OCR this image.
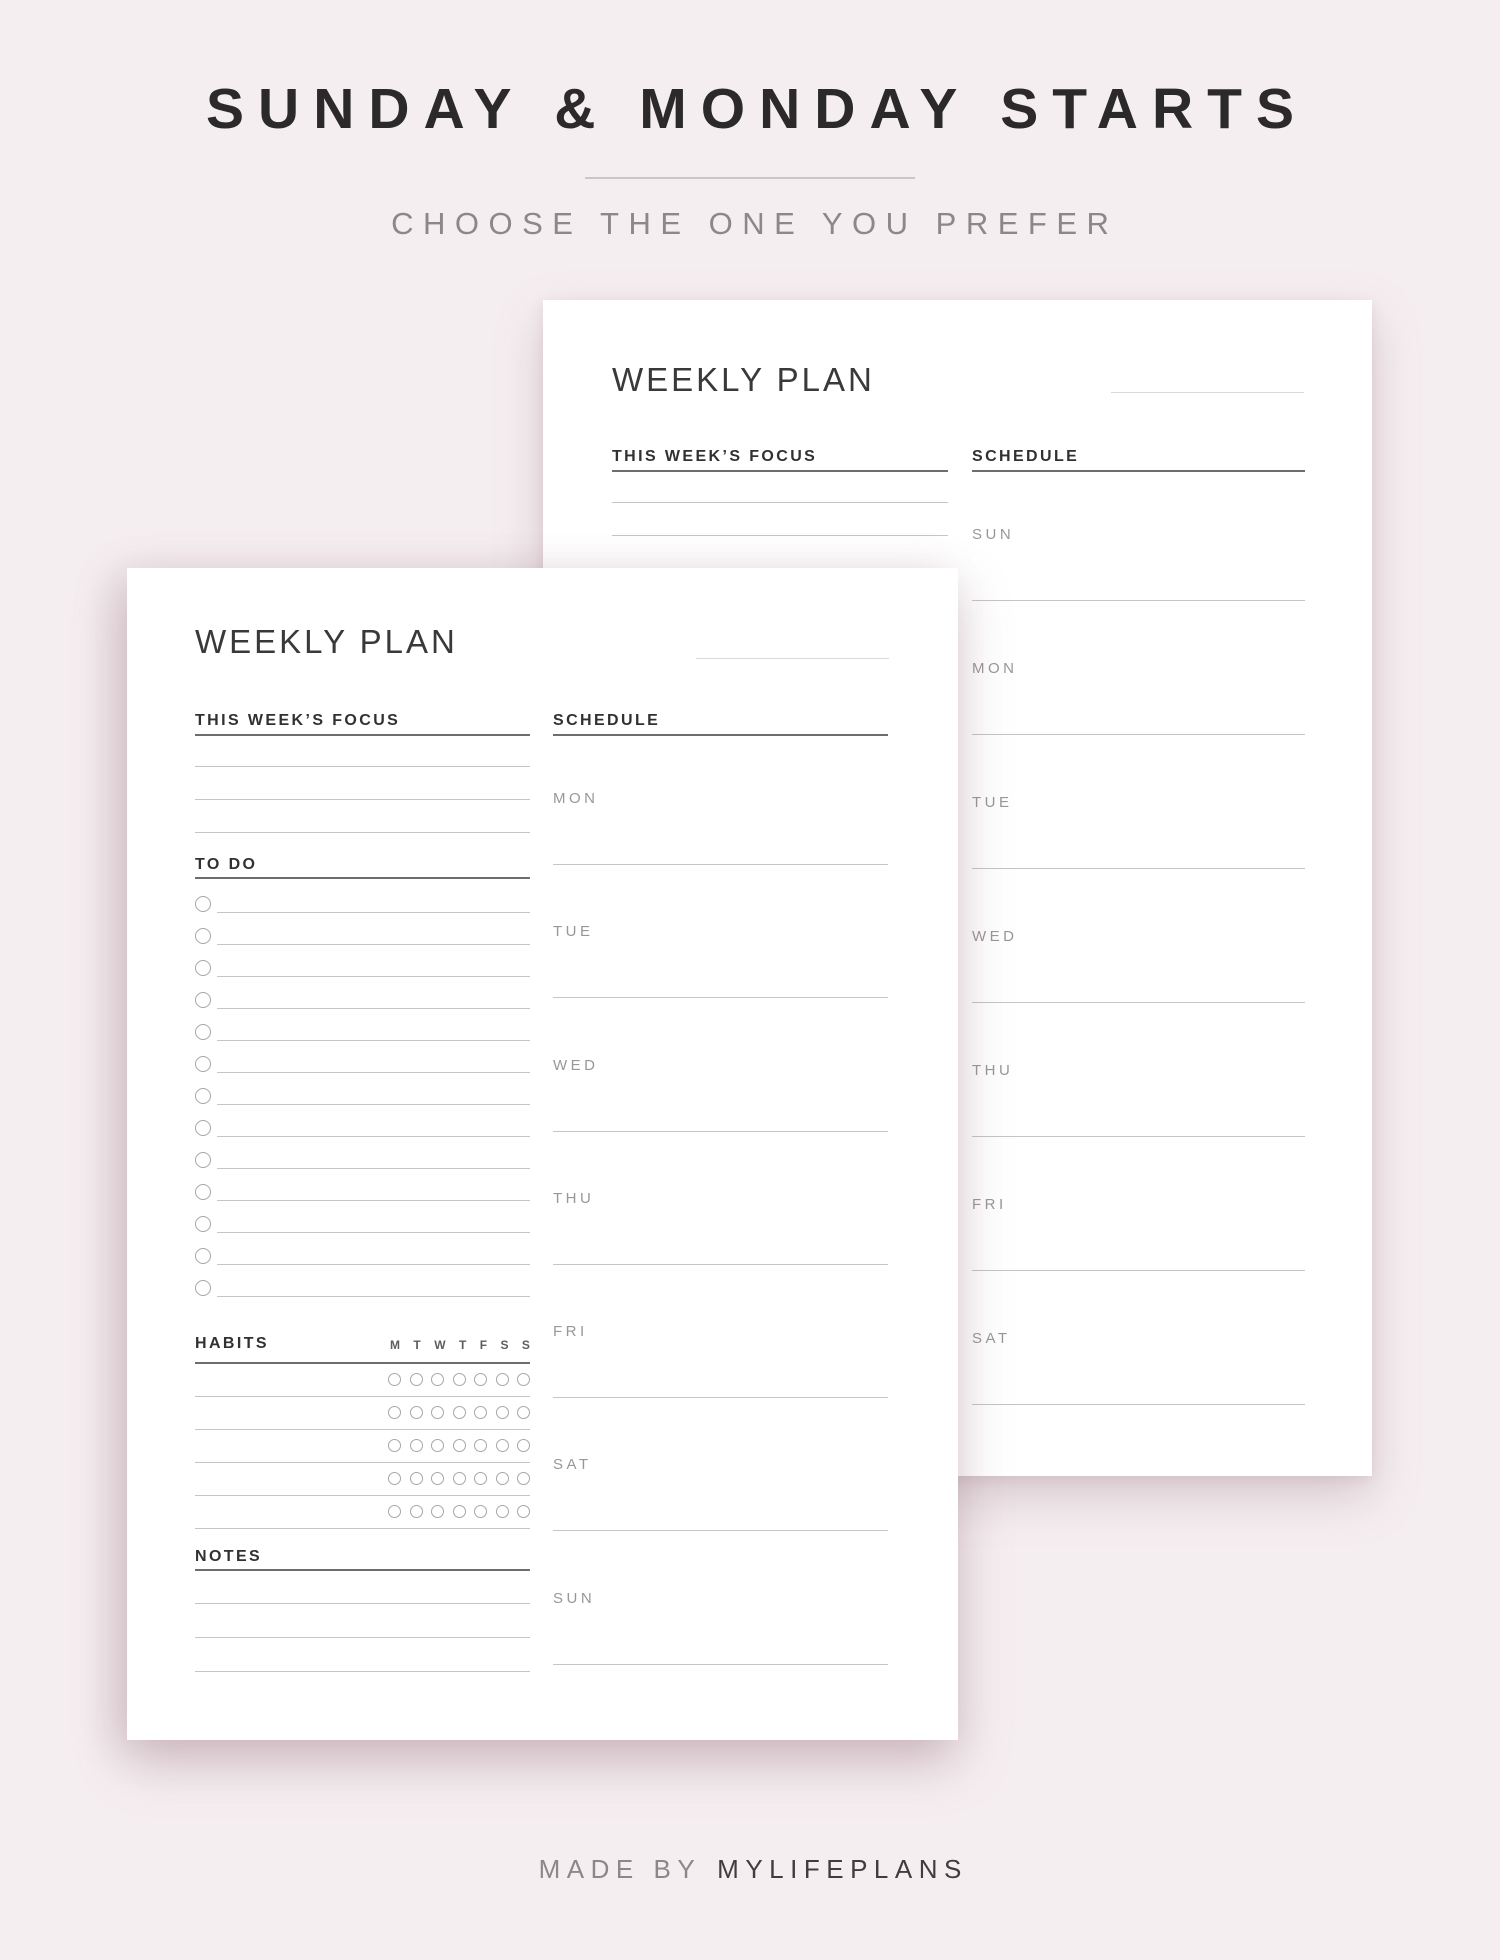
SUNDAY & MONDAY STARTS

CHOOSE THE ONE YOU PREFER

WEEKLY PLAN
THIS WEEK’S FOCUS	SCHEDULE
SUN
MON
TUE
WED
THU
FRI
SAT
WEEKLY PLAN
THIS WEEK’S FOCUS
TO DO
HABITS	M T W T F S S
NOTES
SCHEDULE
MON
TUE
WED
THU
FRI
SAT
SUN

MADE BY MYLIFEPLANS
